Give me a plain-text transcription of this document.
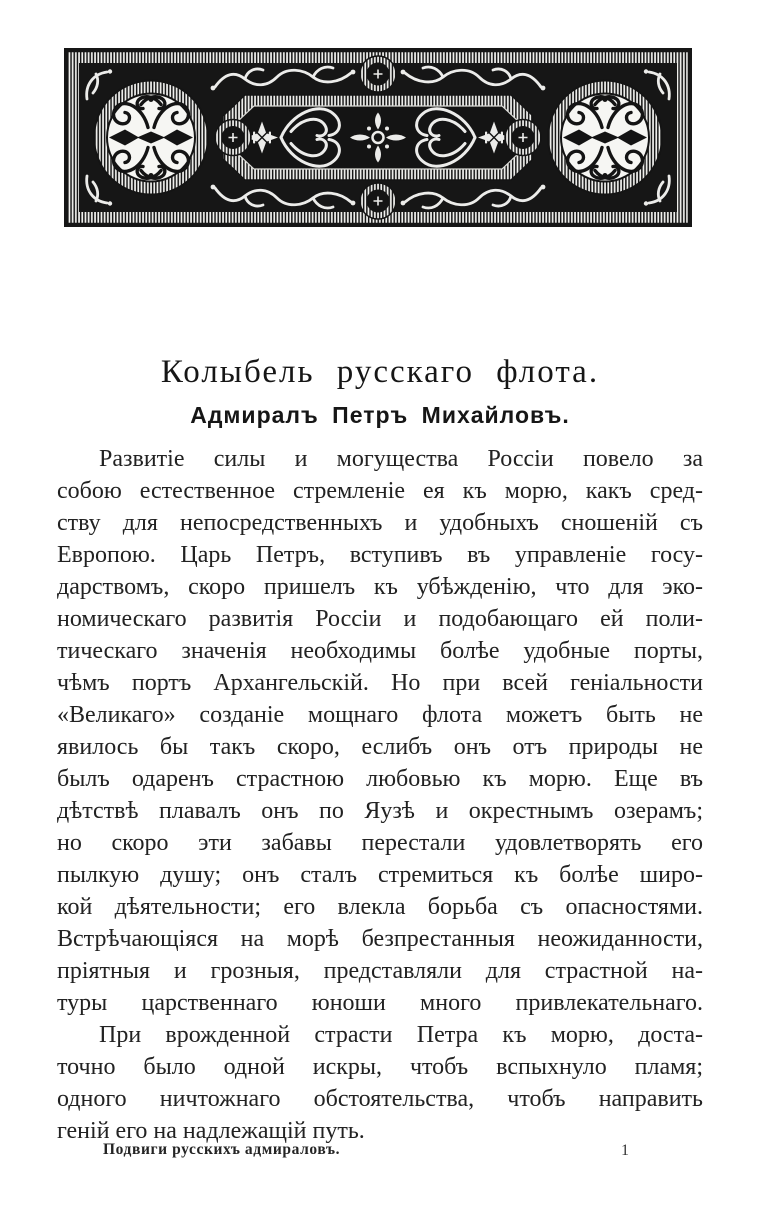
Колыбель русскаго флота.
Адмиралъ Петръ Михайловъ.
Развитіе силы и могущества Россіи повело за
собою естественное стремленіе ея къ морю, какъ сред-
ству для непосредственныхъ и удобныхъ сношеній съ
Европою. Царь Петръ, вступивъ въ управленіе госу-
дарствомъ, скоро пришелъ къ убѣжденію, что для эко-
номическаго развитія Россіи и подобающаго ей поли-
тическаго значенія необходимы болѣе удобные порты,
чѣмъ портъ Архангельскій. Но при всей геніальности
«Великаго» созданіе мощнаго флота можетъ быть не
явилось бы такъ скоро, еслибъ онъ отъ природы не
былъ одаренъ страстною любовью къ морю. Еще въ
дѣтствѣ плавалъ онъ по Яузѣ и окрестнымъ озерамъ;
но скоро эти забавы перестали удовлетворять его
пылкую душу; онъ сталъ стремиться къ болѣе широ-
кой дѣятельности; его влекла борьба съ опасностями.
Встрѣчающіяся на морѣ безпрестанныя неожиданности,
пріятныя и грозныя, представляли для страстной на-
туры царственнаго юноши много привлекательнаго.
При врожденной страсти Петра къ морю, доста-
точно было одной искры, чтобъ вспыхнуло пламя;
одного ничтожнаго обстоятельства, чтобъ направить
геній его на надлежащій путь.
Подвиги русскихъ адмираловъ.	1
